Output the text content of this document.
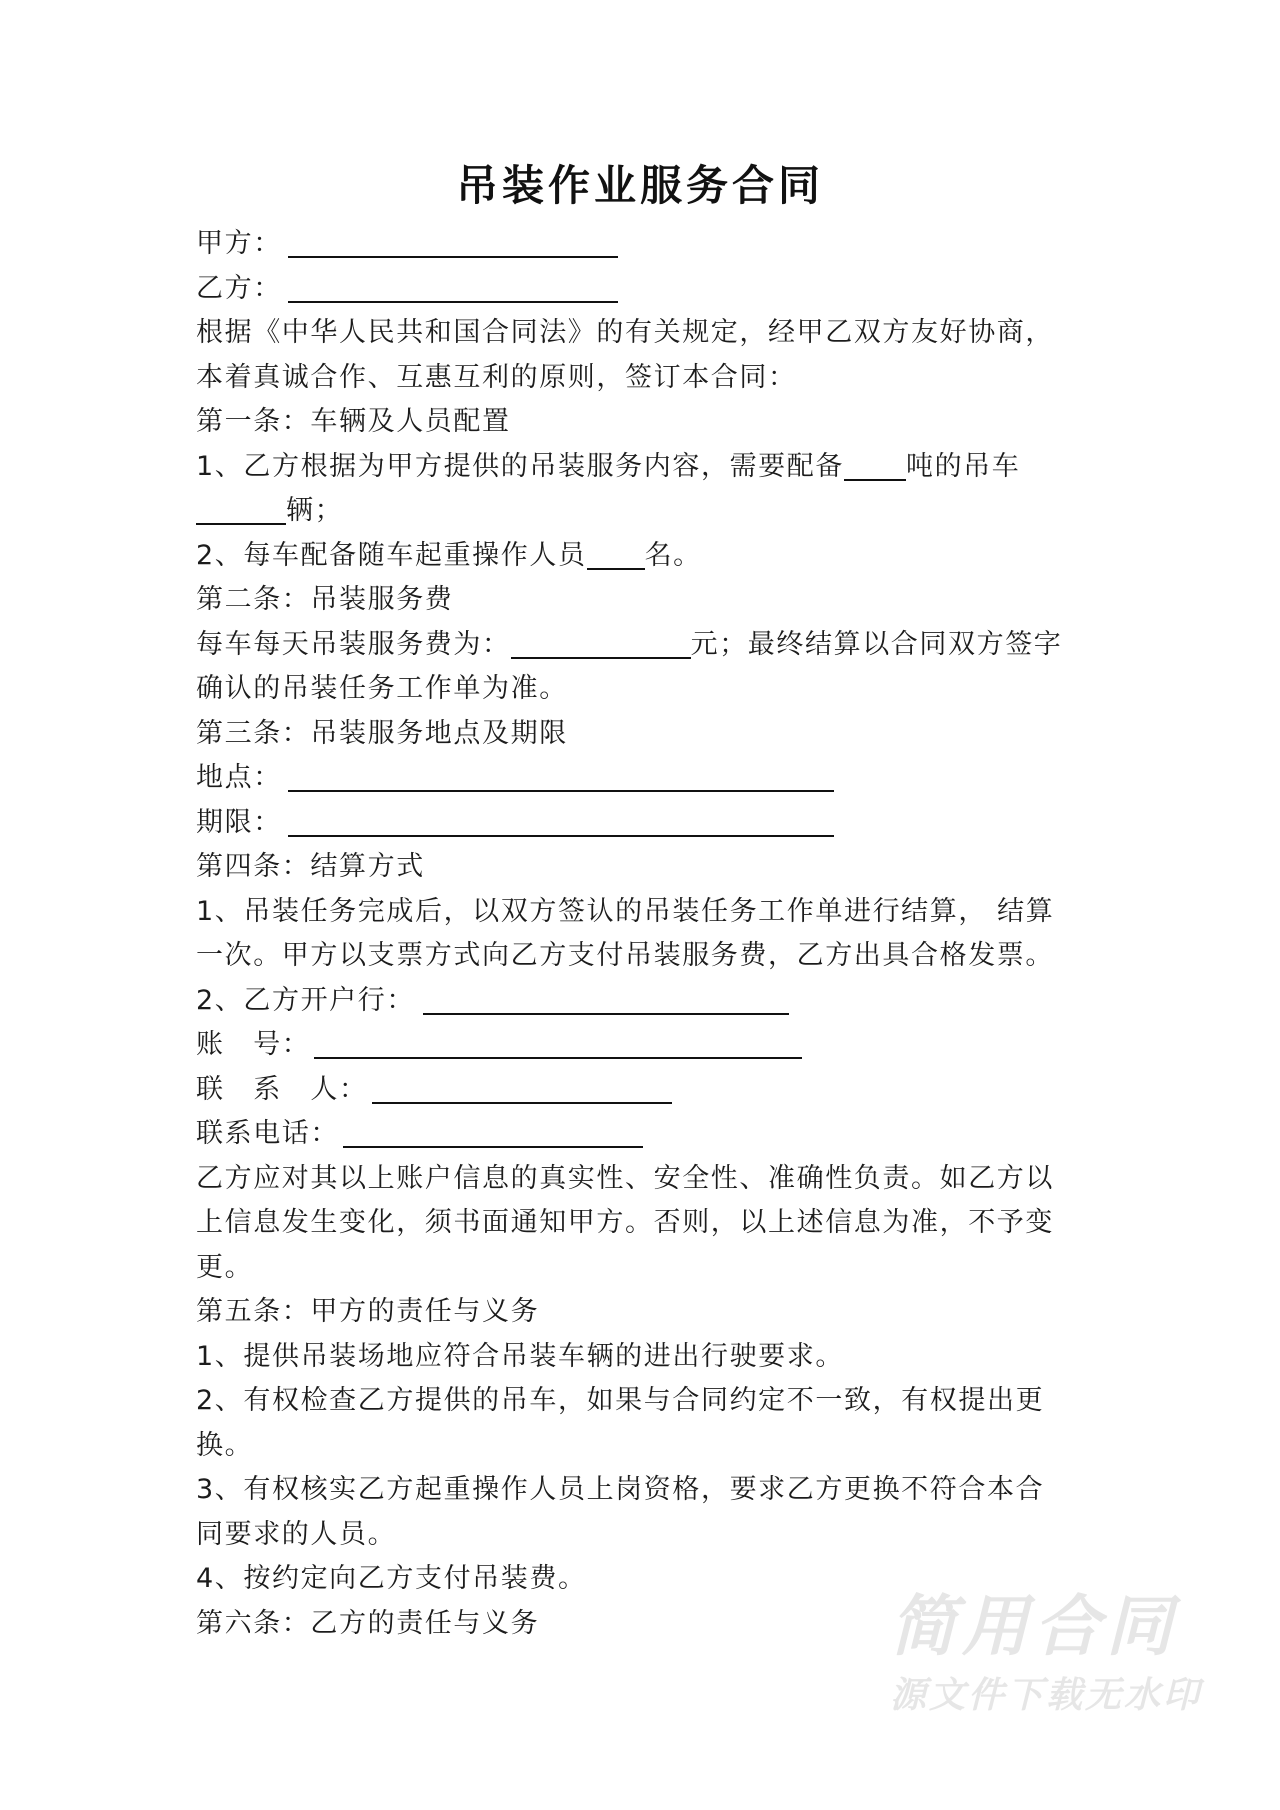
吊装作业服务合同
甲方：
乙方：
根据《中华人民共和国合同法》的有关规定，经甲乙双方友好协商，
本着真诚合作、互惠互利的原则，签订本合同：
第一条：车辆及人员配置
1、乙方根据为甲方提供的吊装服务内容，需要配备 吨的吊车
辆；
2、每车配备随车起重操作人员 名。
第二条：吊装服务费
每车每天吊装服务费为：	元；最终结算以合同双方签字
确认的吊装任务工作单为准。
第三条：吊装服务地点及期限
地点：
期限：
第四条：结算方式
1、吊装任务完成后，以双方签认的吊装任务工作单进行结算， 结算
一次。甲方以支票方式向乙方支付吊装服务费，乙方出具合格发票。
2、乙方开户行：
账　号：
联　系　人：
联系电话：
乙方应对其以上账户信息的真实性、安全性、准确性负责。如乙方以
上信息发生变化，须书面通知甲方。否则，以上述信息为准，不予变
更。
第五条：甲方的责任与义务
1、提供吊装场地应符合吊装车辆的进出行驶要求。
2、有权检查乙方提供的吊车，如果与合同约定不一致，有权提出更
换。
3、有权核实乙方起重操作人员上岗资格，要求乙方更换不符合本合
同要求的人员。
4、按约定向乙方支付吊装费。
第六条：乙方的责任与义务	简用合同
源文件下载无水印
